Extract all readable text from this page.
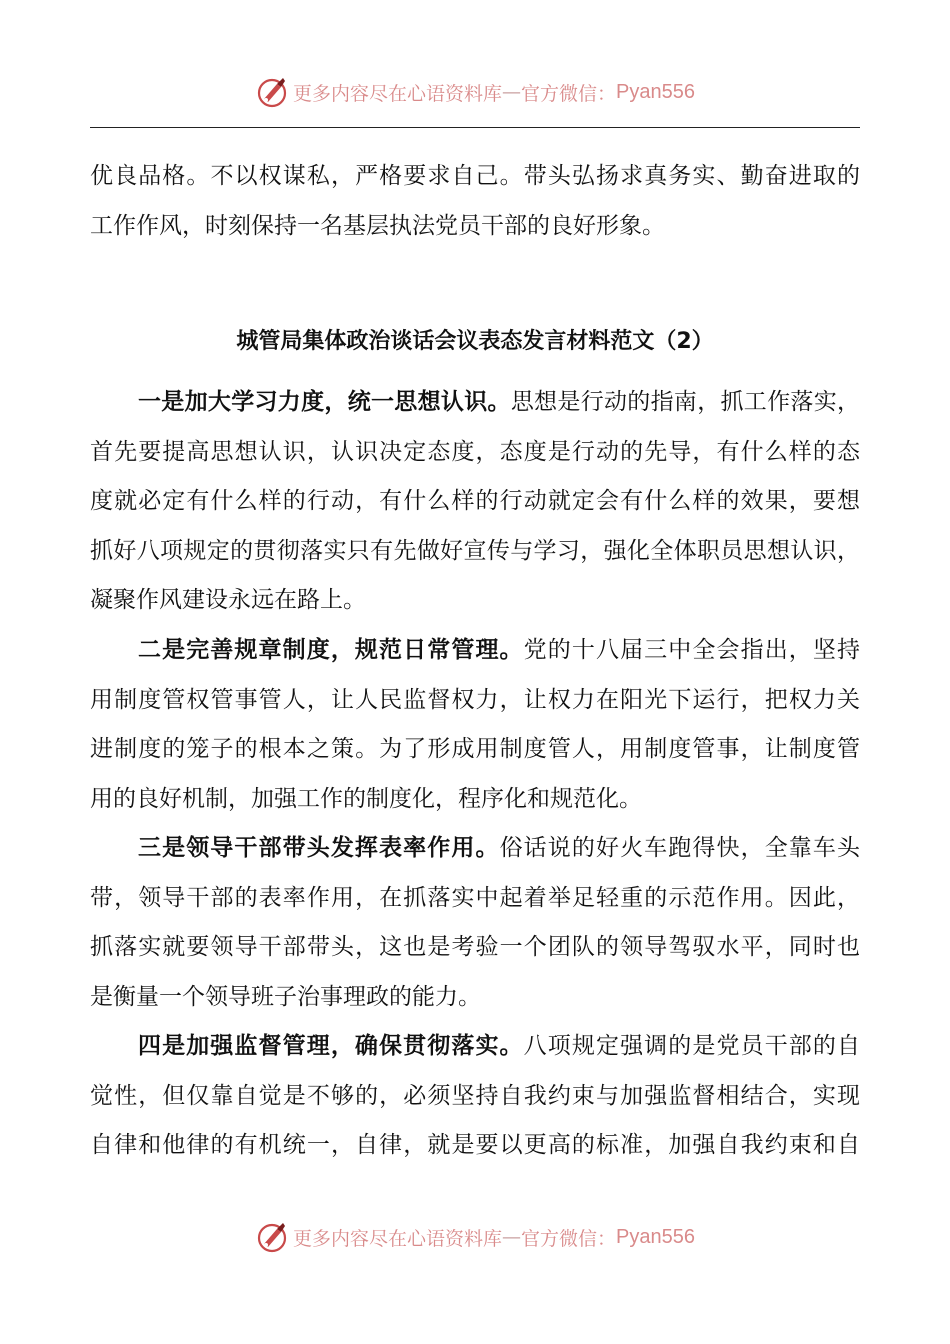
更多内容尽在心语资料库 — 官方微信： Pyan556

优良品格。不以权谋私，严格要求自己。带头弘扬求真务实、勤奋进取的
工作作风，时刻保持一名基层执法党员干部的良好形象。

城管局集体政治谈话会议表态发言材料范文（2）

一是加大学习力度，统一思想认识。思想是行动的指南，抓工作落实，
首先要提高思想认识，认识决定态度，态度是行动的先导，有什么样的态
度就必定有什么样的行动，有什么样的行动就定会有什么样的效果，要想
抓好八项规定的贯彻落实只有先做好宣传与学习，强化全体职员思想认识，
凝聚作风建设永远在路上。

二是完善规章制度，规范日常管理。党的十八届三中全会指出，坚持
用制度管权管事管人，让人民监督权力，让权力在阳光下运行，把权力关
进制度的笼子的根本之策。为了形成用制度管人，用制度管事，让制度管
用的良好机制，加强工作的制度化，程序化和规范化。

三是领导干部带头发挥表率作用。俗话说的好火车跑得快，全靠车头
带，领导干部的表率作用，在抓落实中起着举足轻重的示范作用。因此，
抓落实就要领导干部带头，这也是考验一个团队的领导驾驭水平，同时也
是衡量一个领导班子治事理政的能力。

四是加强监督管理，确保贯彻落实。八项规定强调的是党员干部的自
觉性，但仅靠自觉是不够的，必须坚持自我约束与加强监督相结合，实现
自律和他律的有机统一，自律，就是要以更高的标准，加强自我约束和自

更多内容尽在心语资料库 — 官方微信： Pyan556
